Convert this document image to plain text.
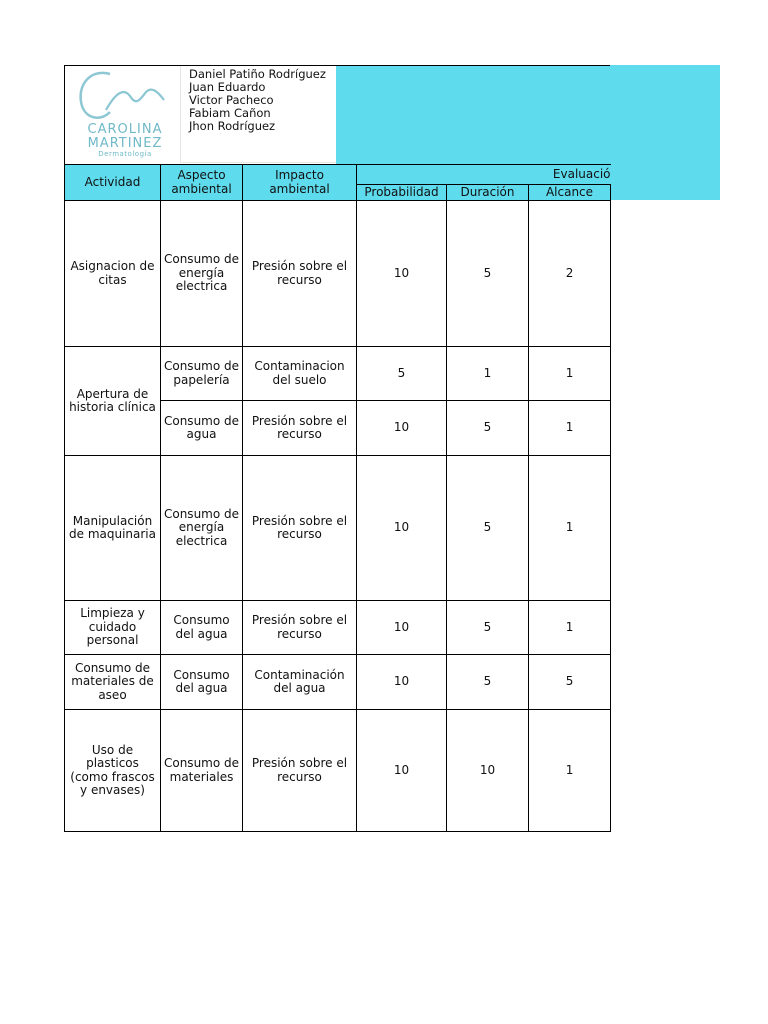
CAROLINA
MARTINEZ
Dermatología
Daniel Patiño Rodríguez
Juan Eduardo
Victor Pacheco
Fabiam Cañon
Jhon Rodríguez
Actividad	Aspecto ambiental	Impacto ambiental	Evaluació		
			Probabilidad	Duración	Alcance
Asignacion de citas	Consumo de energía electrica	Presión sobre el recurso	10	5	2
Apertura de historia clínica	Consumo de papelería	Contaminacion del suelo	5	1	1
	Consumo de agua	Presión sobre el recurso	10	5	1
Manipulación de maquinaria	Consumo de energía electrica	Presión sobre el recurso	10	5	1
Limpieza y cuidado personal	Consumo del agua	Presión sobre el recurso	10	5	1
Consumo de materiales de aseo	Consumo del agua	Contaminación del agua	10	5	5
Uso de plasticos (como frascos y envases)	Consumo de materiales	Presión sobre el recurso	10	10	1
